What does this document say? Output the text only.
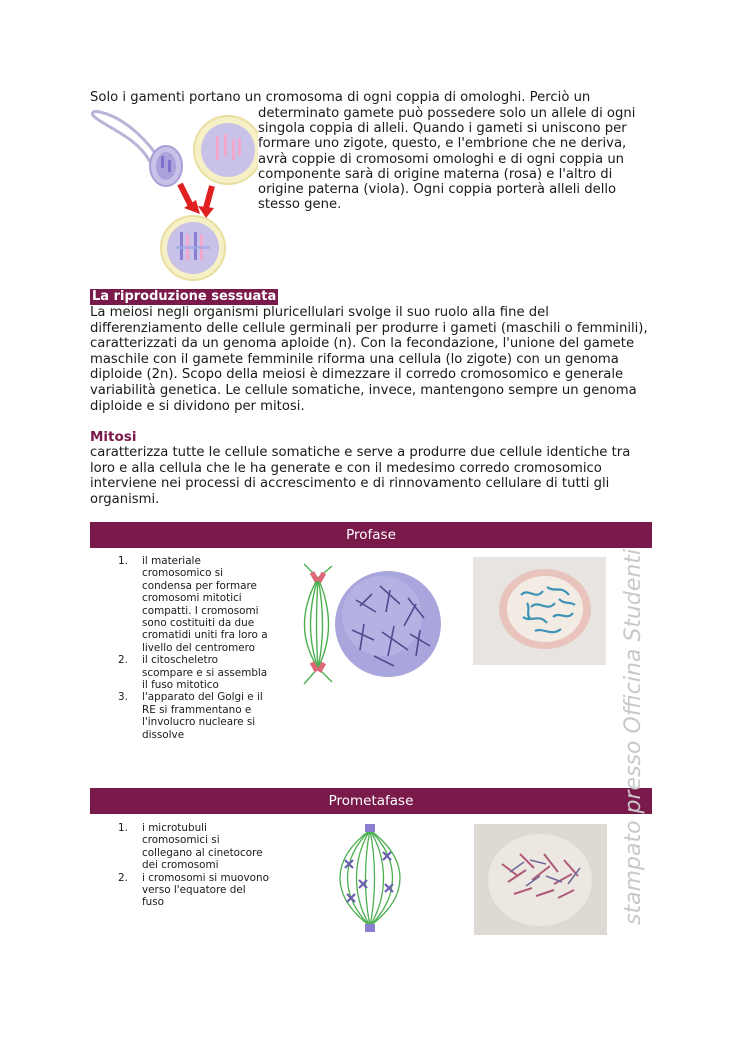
Solo i gamenti portano un cromosoma di ogni coppia di omologhi. Perciò un
determinato gamete può possedere solo un allele di ogni singola coppia di alleli. Quando i gameti si uniscono per formare uno zigote, questo, e l'embrione che ne deriva, avrà coppie di cromosomi omologhi e di ogni coppia un componente sarà di origine materna (rosa) e l'altro di origine paterna (viola). Ogni coppia porterà alleli dello stesso gene.
La riproduzione sessuata
La meiosi negli organismi pluricellulari svolge il suo ruolo alla fine del differenziamento delle cellule germinali per produrre i gameti (maschili o femminili), caratterizzati da un genoma aploide (n). Con la fecondazione, l'unione del gamete maschile con il gamete femminile riforma una cellula (lo zigote) con un genoma diploide (2n). Scopo della meiosi è dimezzare il corredo cromosomico e generale variabilità genetica. Le cellule somatiche, invece, mantengono sempre un genoma diploide e si dividono per mitosi.
Mitosi
caratterizza tutte le cellule somatiche e serve a produrre due cellule identiche tra loro e alla cellula che le ha generate e con il medesimo corredo cromosomico interviene nei processi di accrescimento e di rinnovamento cellulare di tutti gli organismi.
Profase
1. il materiale cromosomico si condensa per formare cromosomi mitotici compatti. I cromosomi sono costituiti da due cromatidi uniti fra loro a livello del centromero
2. il citoscheletro scompare e si assembla il fuso mitotico
3. l'apparato del Golgi e il RE si frammentano e l'involucro nucleare si dissolve
Prometafase
1. i microtubuli cromosomici si collegano al cinetocore dei cromosomi
2. i cromosomi si muovono verso l'equatore del fuso	stampato presso Officina Studenti
